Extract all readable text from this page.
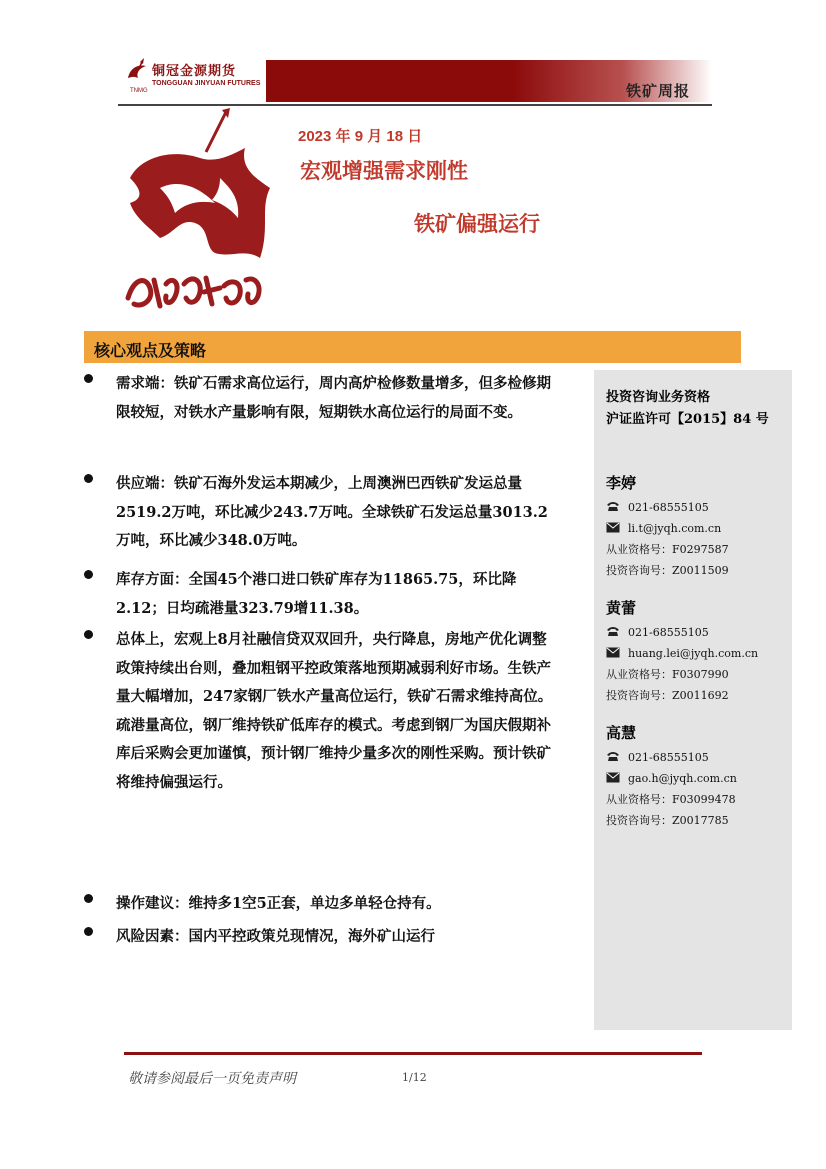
铜冠金源期货
TONGGUAN JINYUAN FUTURES
TNMG	铁矿周报
2023 年 9 月 18 日
宏观增强需求刚性
铁矿偏强运行
核心观点及策略
需求端：铁矿石需求高位运行，周内高炉检修数量增多，但多检修期限较短，对铁水产量影响有限，短期铁水高位运行的局面不变。
供应端：铁矿石海外发运本期减少，上周澳洲巴西铁矿发运总量2519.2万吨，环比减少243.7万吨。全球铁矿石发运总量3013.2万吨，环比减少348.0万吨。
库存方面：全国45个港口进口铁矿库存为11865.75，环比降2.12；日均疏港量323.79增11.38。
总体上，宏观上8月社融信贷双双回升，央行降息，房地产优化调整政策持续出台则，叠加粗钢平控政策落地预期减弱利好市场。生铁产量大幅增加，247家钢厂铁水产量高位运行，铁矿石需求维持高位。疏港量高位，钢厂维持铁矿低库存的模式。考虑到钢厂为国庆假期补库后采购会更加谨慎，预计钢厂维持少量多次的刚性采购。预计铁矿将维持偏强运行。
操作建议：维持多1空5正套，单边多单轻仓持有。
风险因素：国内平控政策兑现情况，海外矿山运行
投资咨询业务资格
沪证监许可【2015】84 号
李婷
021-68555105
li.t@jyqh.com.cn
从业资格号：F0297587
投资咨询号：Z0011509
黄蕾
021-68555105
huang.lei@jyqh.com.cn
从业资格号：F0307990
投资咨询号：Z0011692
高慧
021-68555105
gao.h@jyqh.com.cn
从业资格号：F03099478
投资咨询号：Z0017785
敬请参阅最后一页免责声明	1/12
